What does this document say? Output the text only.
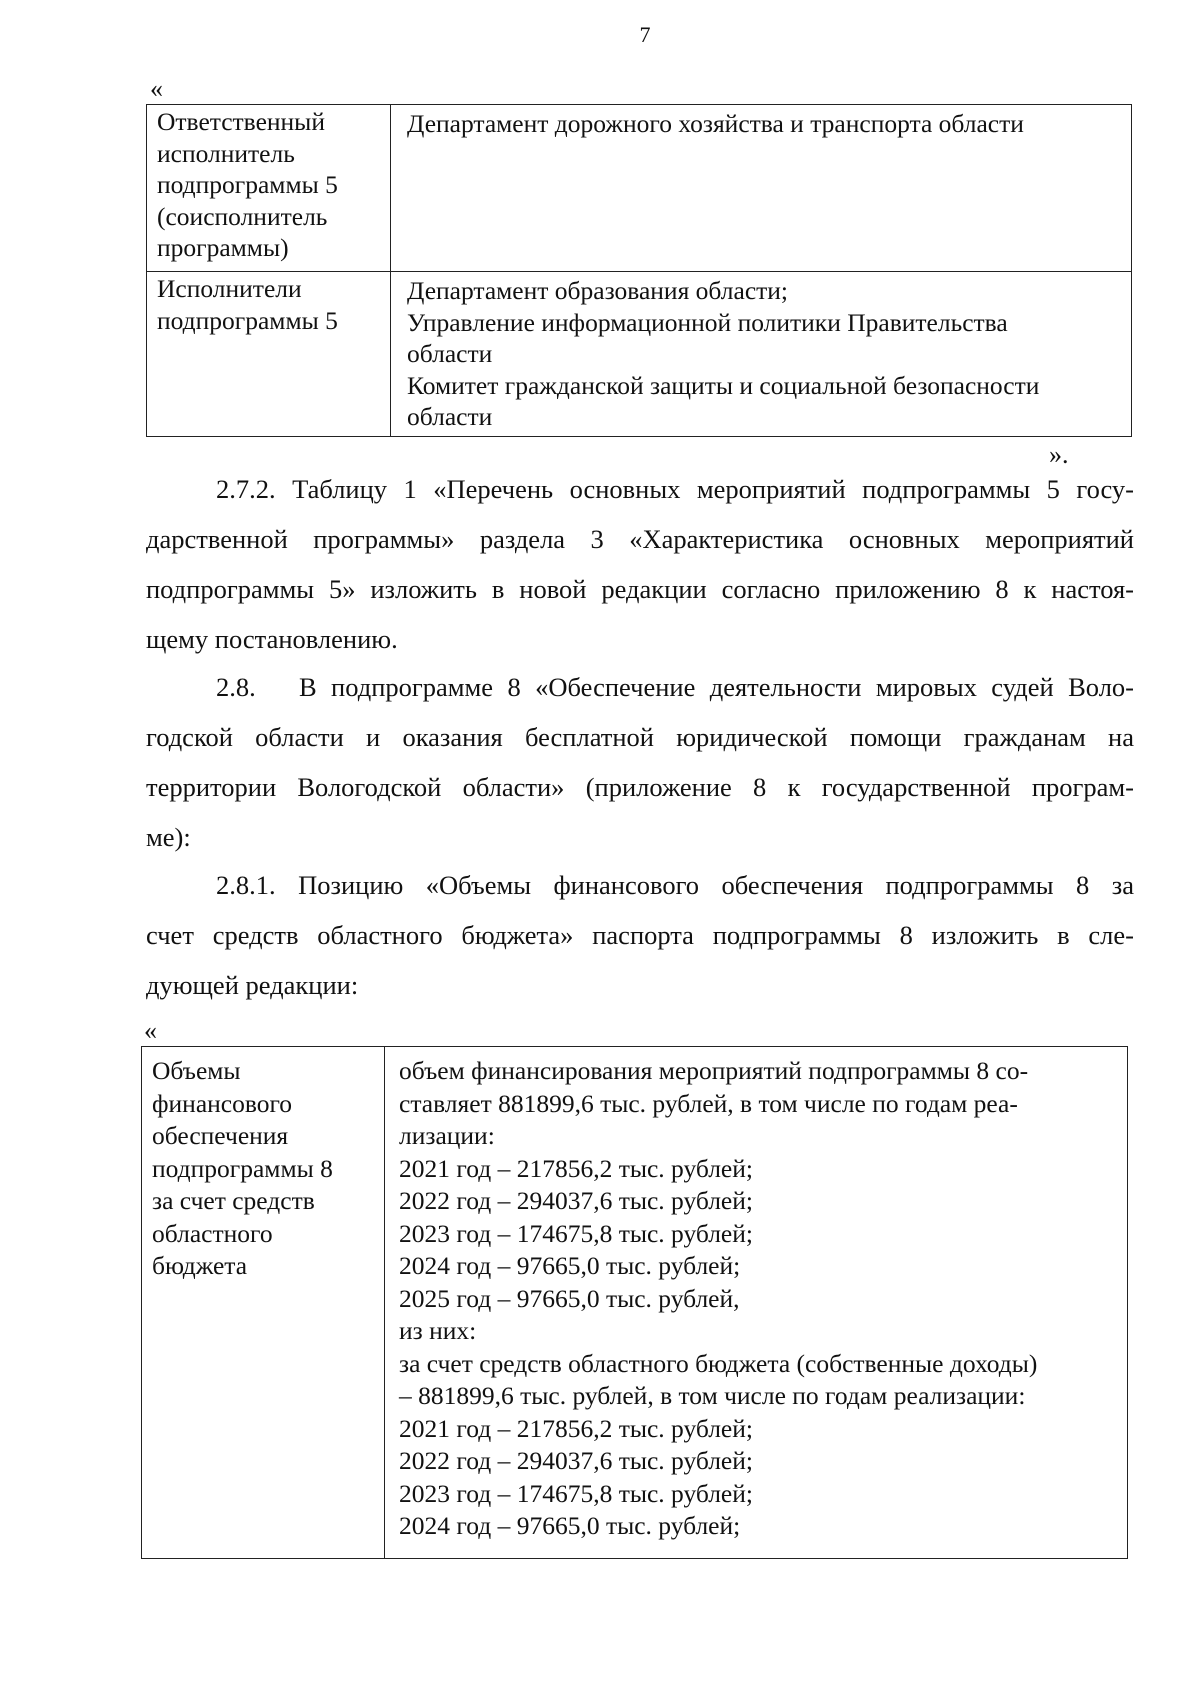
7
«
Ответственный
исполнитель
подпрограммы 5
(соисполнитель
программы)	Департамент дорожного хозяйства и транспорта области

Исполнители
подпрограммы 5	Департамент образования области;
Управление информационной политики Правительства
области
Комитет гражданской защиты и социальной безопасности
области
».
2.7.2. Таблицу 1 «Перечень основных мероприятий подпрограммы 5 госу-
дарственной программы» раздела 3 «Характеристика основных мероприятий
подпрограммы 5» изложить в новой редакции согласно приложению 8 к настоя-
щему постановлению.
2.8.   В подпрограмме 8 «Обеспечение деятельности мировых судей Воло-
годской области и оказания бесплатной юридической помощи гражданам на
территории Вологодской области» (приложение 8 к государственной програм-
ме):
2.8.1. Позицию «Объемы финансового обеспечения подпрограммы 8 за
счет средств областного бюджета» паспорта подпрограммы 8 изложить в сле-
дующей редакции:
«
Объемы
финансового
обеспечения
подпрограммы 8
за счет средств
областного
бюджета

объем финансирования мероприятий подпрограммы 8 со-
ставляет 881899,6 тыс. рублей, в том числе по годам реа-
лизации:
2021 год – 217856,2 тыс. рублей;
2022 год – 294037,6 тыс. рублей;
2023 год – 174675,8 тыс. рублей;
2024 год – 97665,0 тыс. рублей;
2025 год – 97665,0 тыс. рублей,
из них:
за счет средств областного бюджета (собственные доходы)
– 881899,6 тыс. рублей, в том числе по годам реализации:
2021 год – 217856,2 тыс. рублей;
2022 год – 294037,6 тыс. рублей;
2023 год – 174675,8 тыс. рублей;
2024 год – 97665,0 тыс. рублей;
